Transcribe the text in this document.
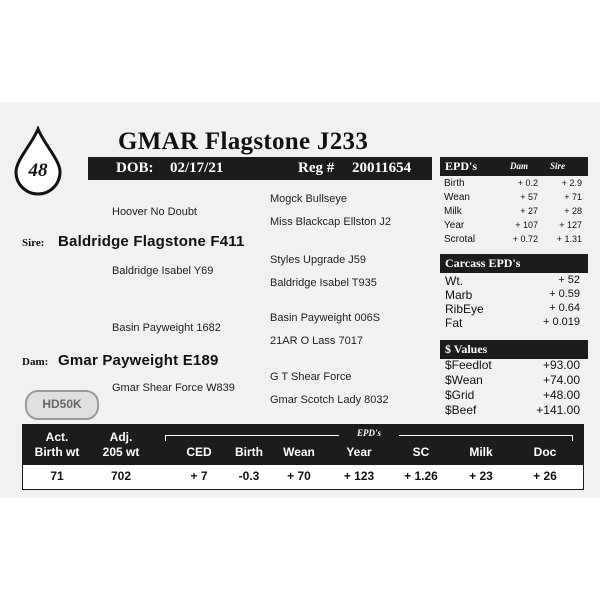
48
GMAR Flagstone J233
DOB: 02/17/21	Reg # 20011654
Mogck Bullseye
Hoover No Doubt
Miss Blackcap Ellston J2
Sire: Baldridge Flagstone F411
Styles Upgrade J59
Baldridge Isabel Y69
Baldridge Isabel T935
Basin Payweight 006S
Basin Payweight 1682
21AR O Lass 7017
Dam: Gmar Payweight E189
G T Shear Force
Gmar Shear Force W839
Gmar Scotch Lady 8032
HD50K
EPD's	Dam Sire
Birth	+ 0.2	+ 2.9
Wean	+ 57	+ 71
Milk	+ 27	+ 28
Year	+ 107	+ 127
Scrotal	+ 0.72	+ 1.31
Carcass EPD's
Wt.	+ 52
Marb	+ 0.59
RibEye	+ 0.64
Fat	+ 0.019
$ Values
$Feedlot	+93.00
$Wean	+74.00
$Grid	+48.00
$Beef	+141.00
Act.
Birth wt
Adj.
205 wt
EPD's
CED	Birth	Wean	Year	SC	Milk	Doc
71	702	+ 7	-0.3	+ 70	+ 123	+ 1.26	+ 23	+ 26
